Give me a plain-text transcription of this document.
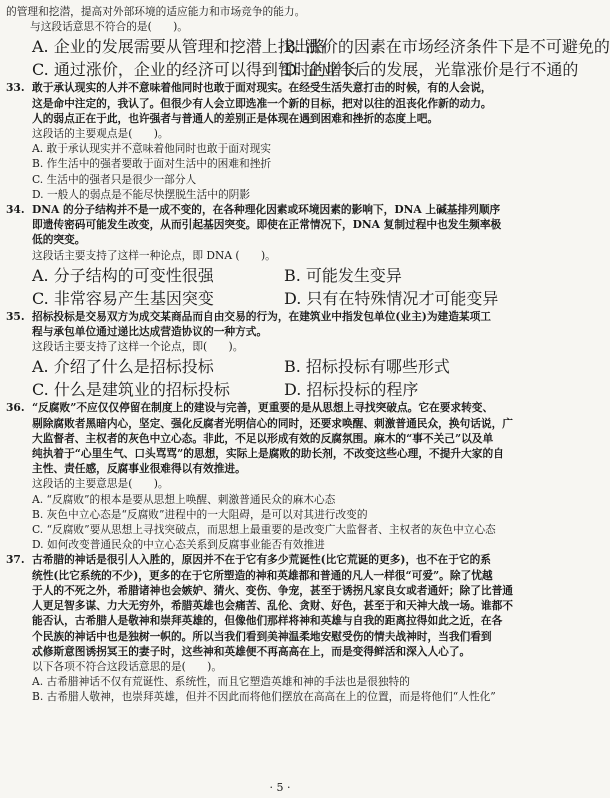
的管理和挖潜，提高对外部环境的适应能力和市场竞争的能力。
与这段话意思不符合的是(　　)。
A. 企业的发展需要从管理和挖潜上找出路
B. 涨价的因素在市场经济条件下是不可避免的
C. 通过涨价，企业的经济可以得到暂时的增长
D. 企业今后的发展，光靠涨价是行不通的
33. 敢于承认现实的人并不意味着他同时也敢于面对现实。在经受生活失意打击的时候，有的人会说，
这是命中注定的，我认了。但很少有人会立即选准一个新的目标，把对以往的沮丧化作新的动力。
人的弱点正在于此，也许强者与普通人的差别正是体现在遇到困难和挫折的态度上吧。
这段话的主要观点是(　　)。
A. 敢于承认现实并不意味着他同时也敢于面对现实
B. 作生活中的强者要敢于面对生活中的困难和挫折
C. 生活中的强者只是很少一部分人
D. 一般人的弱点是不能尽快摆脱生活中的阴影
34. DNA 的分子结构并不是一成不变的，在各种理化因素或环境因素的影响下，DNA 上碱基排列顺序
即遗传密码可能发生改变，从而引起基因突变。即使在正常情况下，DNA 复制过程中也发生频率极
低的突变。
这段话主要支持了这样一种论点，即 DNA (　　)。
A. 分子结构的可变性很强	B. 可能发生变异
C. 非常容易产生基因突变	D. 只有在特殊情况才可能变异
35. 招标投标是交易双方为成交某商品而自由交易的行为，在建筑业中指发包单位(业主)为建造某项工
程与承包单位通过递比达成营造协议的一种方式。
这段话主要支持了这样一个论点，即(　　)。
A. 介绍了什么是招标投标	B. 招标投标有哪些形式
C. 什么是建筑业的招标投标	D. 招标投标的程序
36. “反腐败”不应仅仅停留在制度上的建设与完善，更重要的是从思想上寻找突破点。它在要求转变、
剔除腐败者黑暗内心，坚定、强化反腐者光明信心的同时，还要求唤醒、刺激普通民众，换句话说，广
大监督者、主权者的灰色中立心态。非此，不足以形成有效的反腐氛围。麻木的“事不关己”以及单
纯执着于“心里生气、口头骂骂”的思想，实际上是腐败的助长剂，不改变这些心理，不提升大家的自
主性、责任感，反腐事业很难得以有效推进。
这段话的主要意思是(　　)。
A. “反腐败”的根本是要从思想上唤醒、刺激普通民众的麻木心态
B. 灰色中立心态是“反腐败”进程中的一大阻碍，是可以对其进行改变的
C. “反腐败”要从思想上寻找突破点，而思想上最重要的是改变广大监督者、主权者的灰色中立心态
D. 如何改变普通民众的中立心态关系到反腐事业能否有效推进
37. 古希腊的神话是很引人入胜的，原因并不在于它有多少荒诞性(比它荒诞的更多)，也不在于它的系
统性(比它系统的不少)，更多的在于它所塑造的神和英雄都和普通的凡人一样很“可爱”。除了忧越
于人的不死之外，希腊诸神也会嫉妒、猜火、变伤、争宠，甚至于诱拐凡家良女或者通奸；除了比普通
人更足智多谋、力大无穷外，希腊英雄也会痛苦、乱伦、贪财、好色，甚至于和天神大战一场。谁都不
能否认，古希腊人是敬神和崇拜英雄的，但像他们那样将神和英雄与自我的距离拉得如此之近，在各
个民族的神话中也是独树一帜的。所以当我们看到美神温柔地安慰受伤的情夫战神时，当我们看到
忒修斯意图诱拐冥王的妻子时，这些神和英雄便不再高高在上，而是变得鲜活和深入人心了。
以下各项不符合这段话意思的是(　　)。
A. 古希腊神话不仅有荒诞性、系统性，而且它塑造英雄和神的手法也是很独特的
B. 古希腊人敬神，也崇拜英雄，但并不因此而将他们摆放在高高在上的位置，而是将他们“人性化”
· 5 ·
